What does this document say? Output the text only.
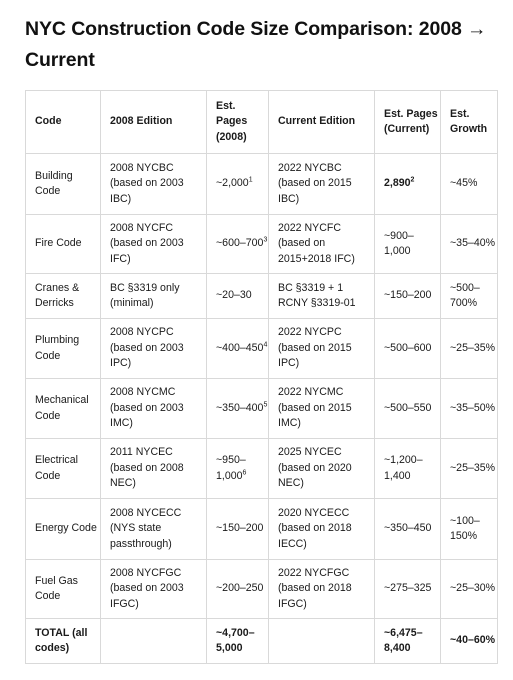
NYC Construction Code Size Comparison: 2008 → Current
Code	2008 Edition	Est. Pages (2008)	Current Edition	Est. Pages (Current)	Est. Growth
Building Code	2008 NYCBC (based on 2003 IBC)	~2,000$^1$	2022 NYCBC (based on 2015 IBC)	2,890$^2$	~45%
Fire Code	2008 NYCFC (based on 2003 IFC)	$\sim 600-700^3$	2022 NYCFC (based on 2015+2018 IFC)	~900–1,000	~35–40%
Cranes & Derricks	BC §3319 only (minimal)	~20–30	BC §3319 + 1 RCNY §3319-01	~150–200	~500–700%
Plumbing Code	2008 NYCPC (based on 2003 IPC)	$\sim 400-450^4$	2022 NYCPC (based on 2015 IPC)	~500–600	~25–35%
Mechanical Code	2008 NYCMC (based on 2003 IMC)	$\sim 350-400^5$	2022 NYCMC (based on 2015 IMC)	~500–550	~35–50%
Electrical Code	2011 NYCEC (based on 2008 NEC)	~950–1,000$^6$	2025 NYCEC (based on 2020 NEC)	~1,200–1,400	~25–35%
Energy Code	2008 NYCECC (NYS state passthrough)	~150–200	2020 NYCECC (based on 2018 IECC)	~350–450	~100–150%
Fuel Gas Code	2008 NYCFGC (based on 2003 IFGC)	~200–250	2022 NYCFGC (based on 2018 IFGC)	~275–325	~25–30%
TOTAL (all codes)		~4,700–5,000		~6,475–8,400	~40–60%
